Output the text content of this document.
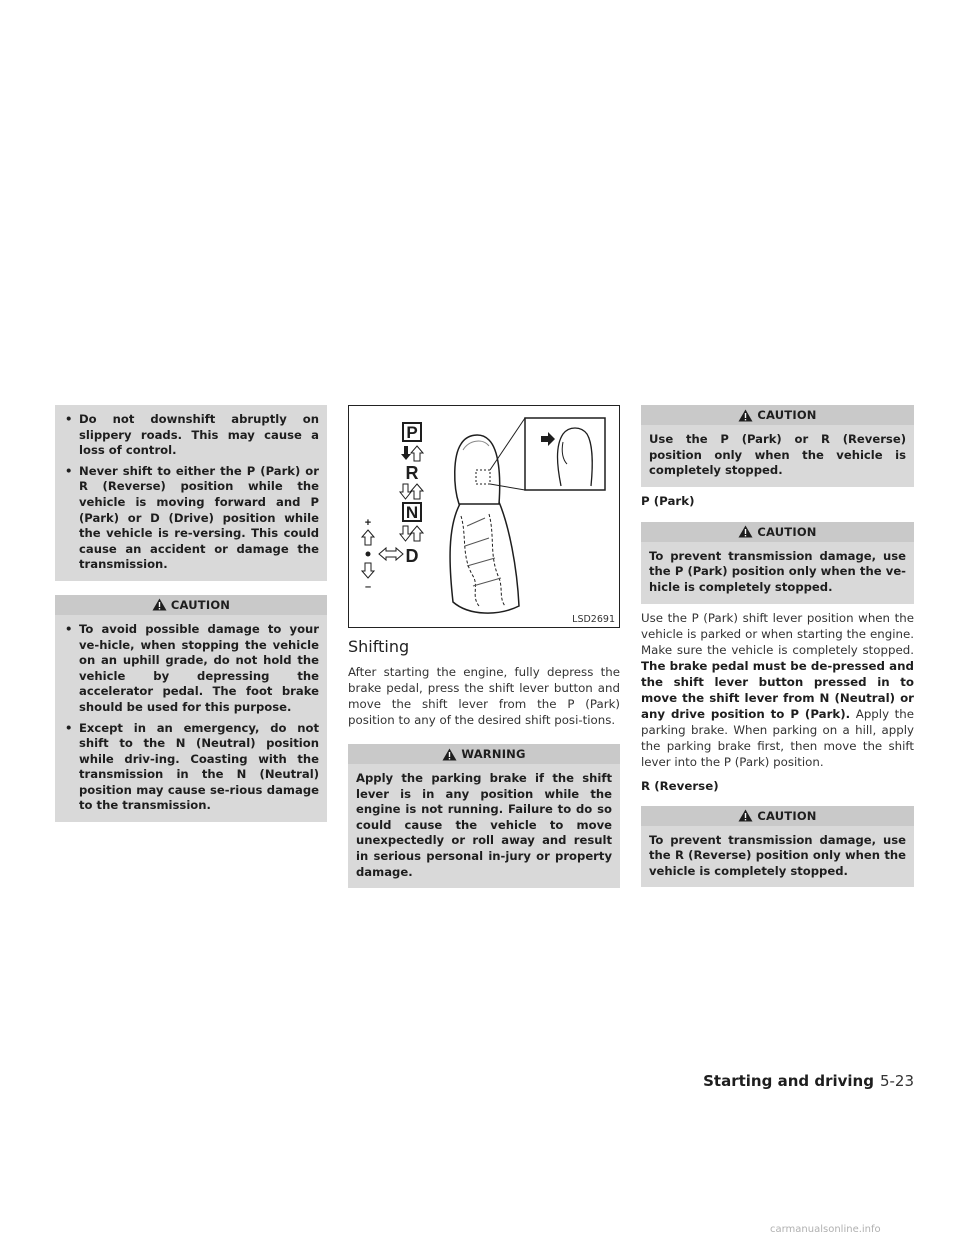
• Do not downshift abruptly on slippery roads. This may cause a loss of control.
• Never shift to either the P (Park) or R (Reverse) position while the vehicle is moving forward and P (Park) or D (Drive) position while the vehicle is re-versing. This could cause an accident or damage the transmission.
CAUTION
• To avoid possible damage to your ve-hicle, when stopping the vehicle on an uphill grade, do not hold the vehicle by depressing the accelerator pedal. The foot brake should be used for this purpose.
• Except in an emergency, do not shift to the N (Neutral) position while driv-ing. Coasting with the transmission in the N (Neutral) position may cause se-rious damage to the transmission.
P
R
N
D
+
–
LSD2691
Shifting

After starting the engine, fully depress the brake pedal, press the shift lever button and move the shift lever from the P (Park) position to any of the desired shift posi-tions.

WARNING

Apply the parking brake if the shift lever is in any position while the engine is not running. Failure to do so could cause the vehicle to move unexpectedly or roll away and result in serious personal in-jury or property damage.

CAUTION

Use the P (Park) or R (Reverse) position only when the vehicle is completely stopped.

P (Park)

CAUTION

To prevent transmission damage, use the P (Park) position only when the ve-hicle is completely stopped.

Use the P (Park) shift lever position when the vehicle is parked or when starting the engine. Make sure the vehicle is completely stopped. The brake pedal must be de-pressed and the shift lever button pressed in to move the shift lever from N (Neutral) or any drive position to P (Park). Apply the parking brake. When parking on a hill, apply the parking brake first, then move the shift lever into the P (Park) position.

R (Reverse)

CAUTION

To prevent transmission damage, use the R (Reverse) position only when the vehicle is completely stopped.

Starting and driving 5-23
carmanualsonline.info
